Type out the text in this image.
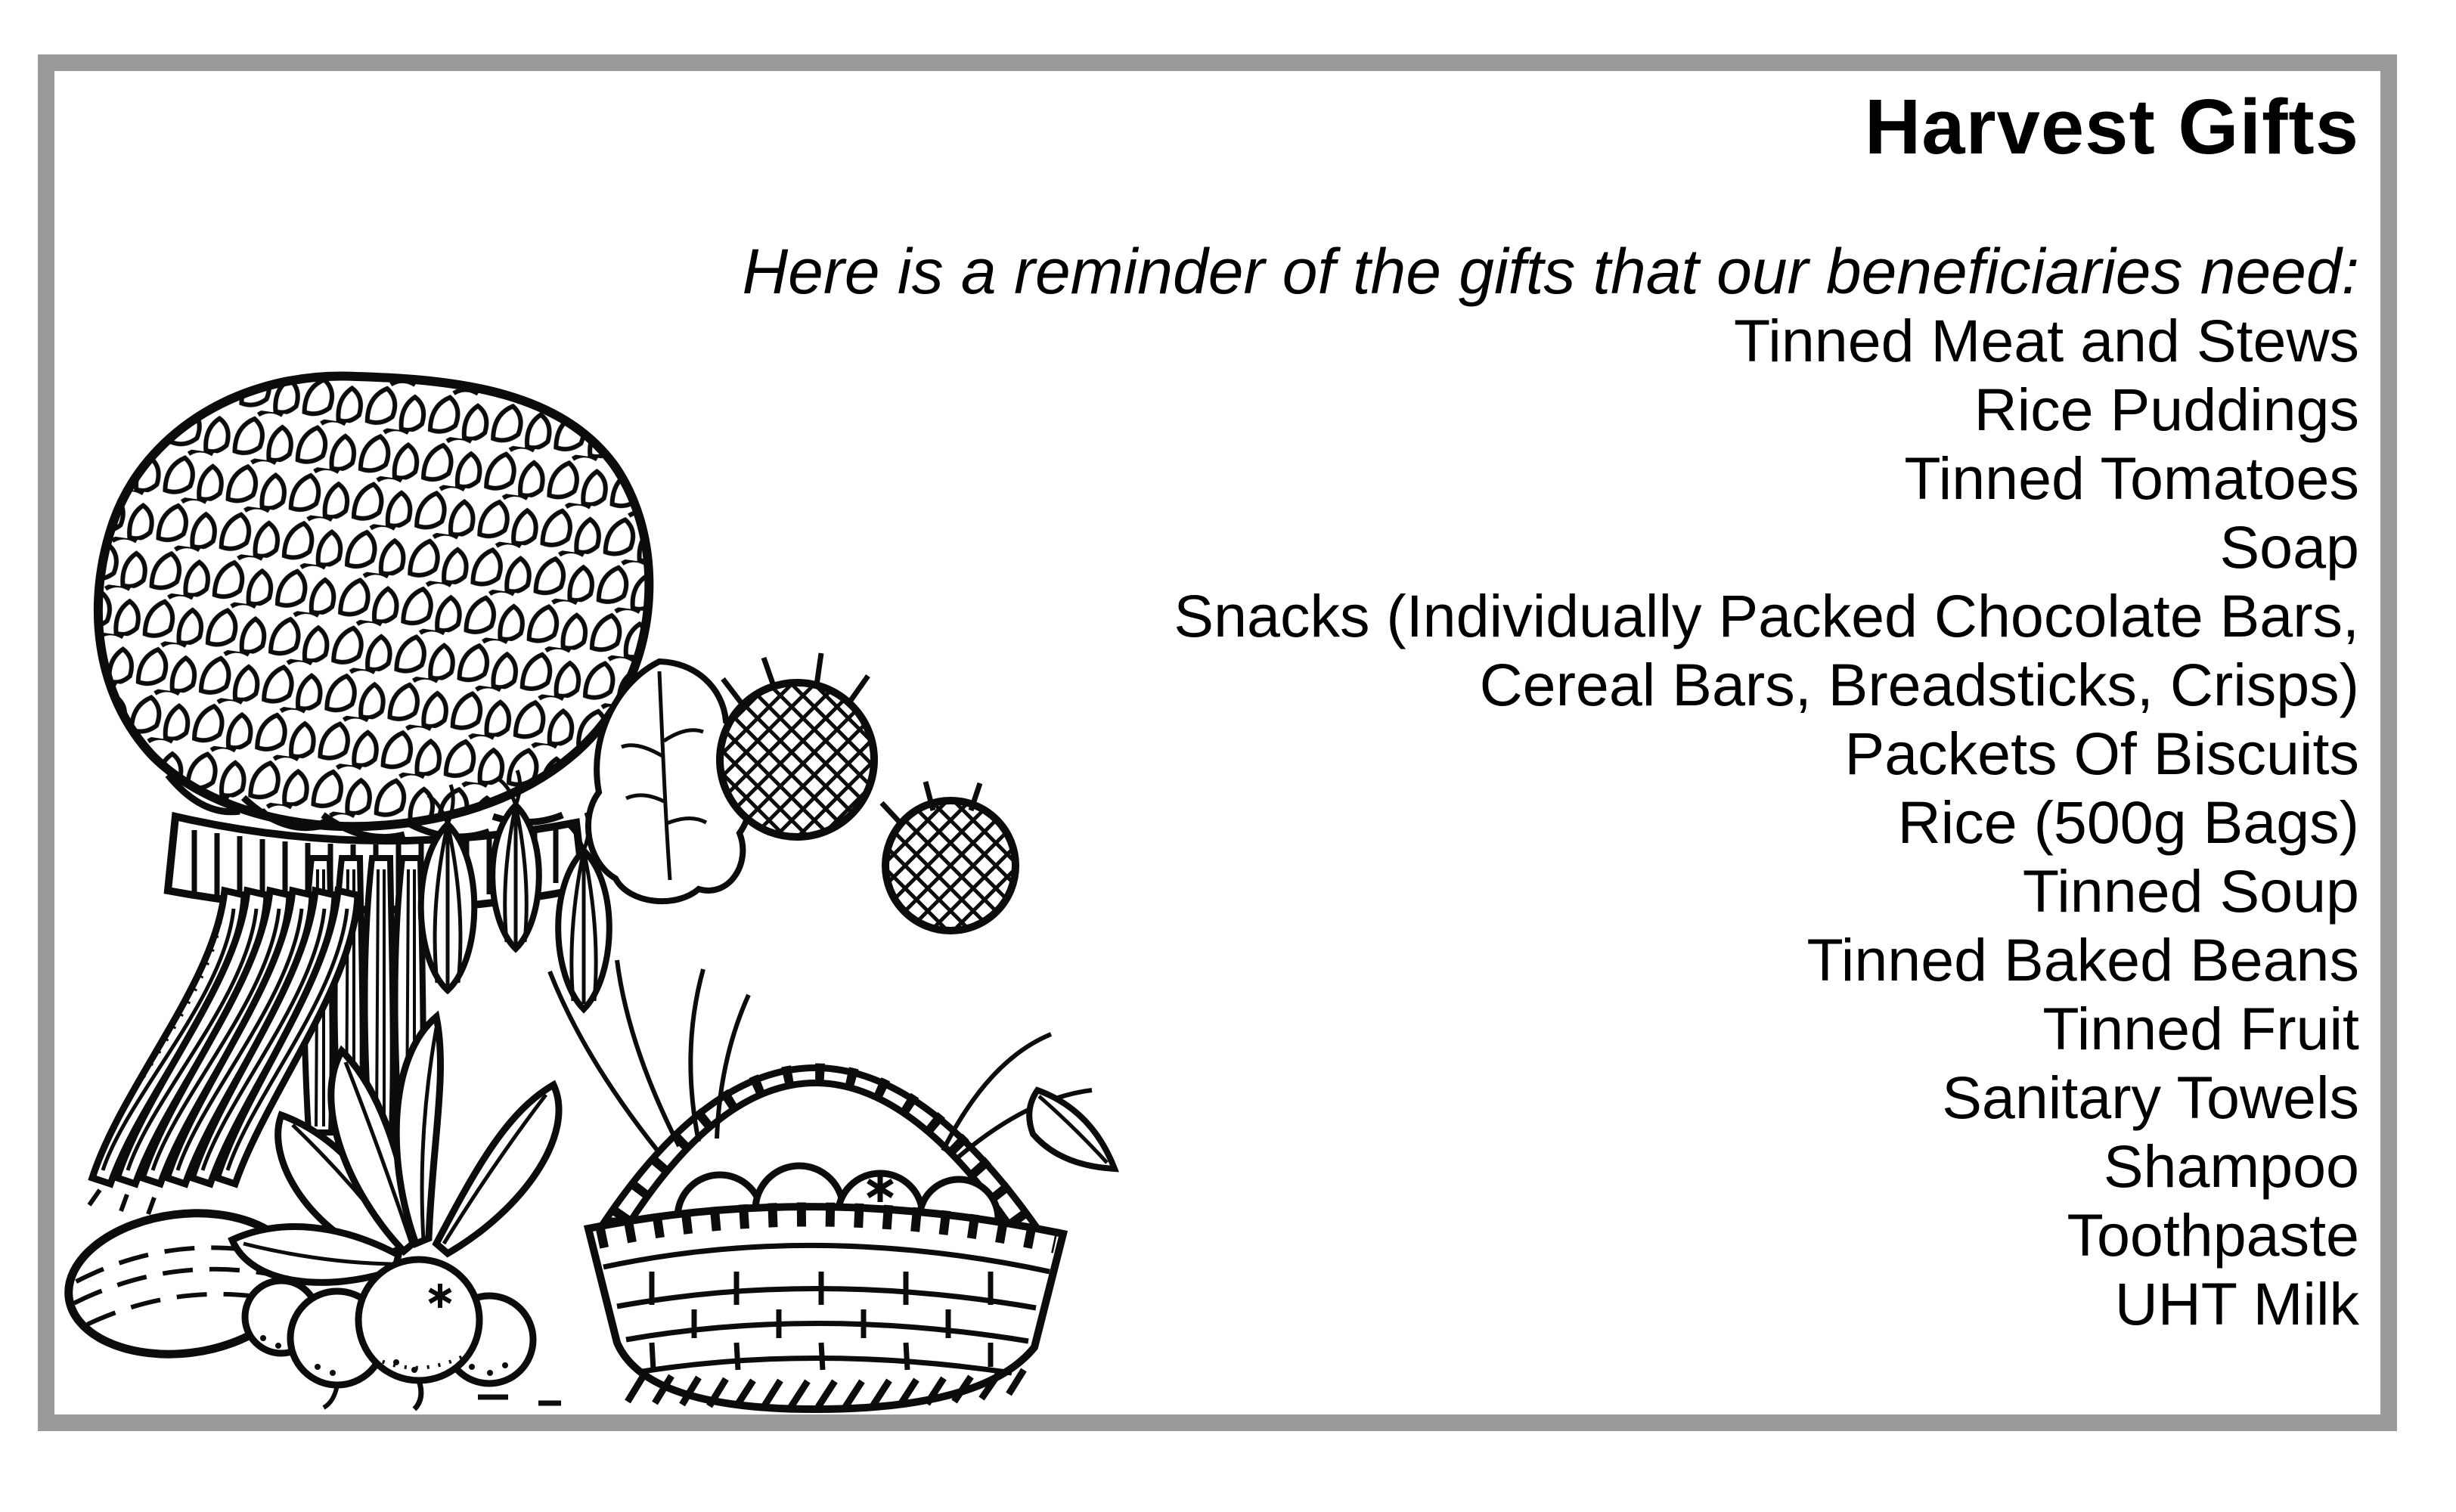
Harvest Gifts

Here is a reminder of the gifts that our beneficiaries need:

Tinned Meat and Stews
Rice Puddings
Tinned Tomatoes
Soap
Snacks (Individually Packed Chocolate Bars,
Cereal Bars, Breadsticks, Crisps)
Packets Of Biscuits
Rice (500g Bags)
Tinned Soup
Tinned Baked Beans
Tinned Fruit
Sanitary Towels
Shampoo
Toothpaste
UHT Milk
